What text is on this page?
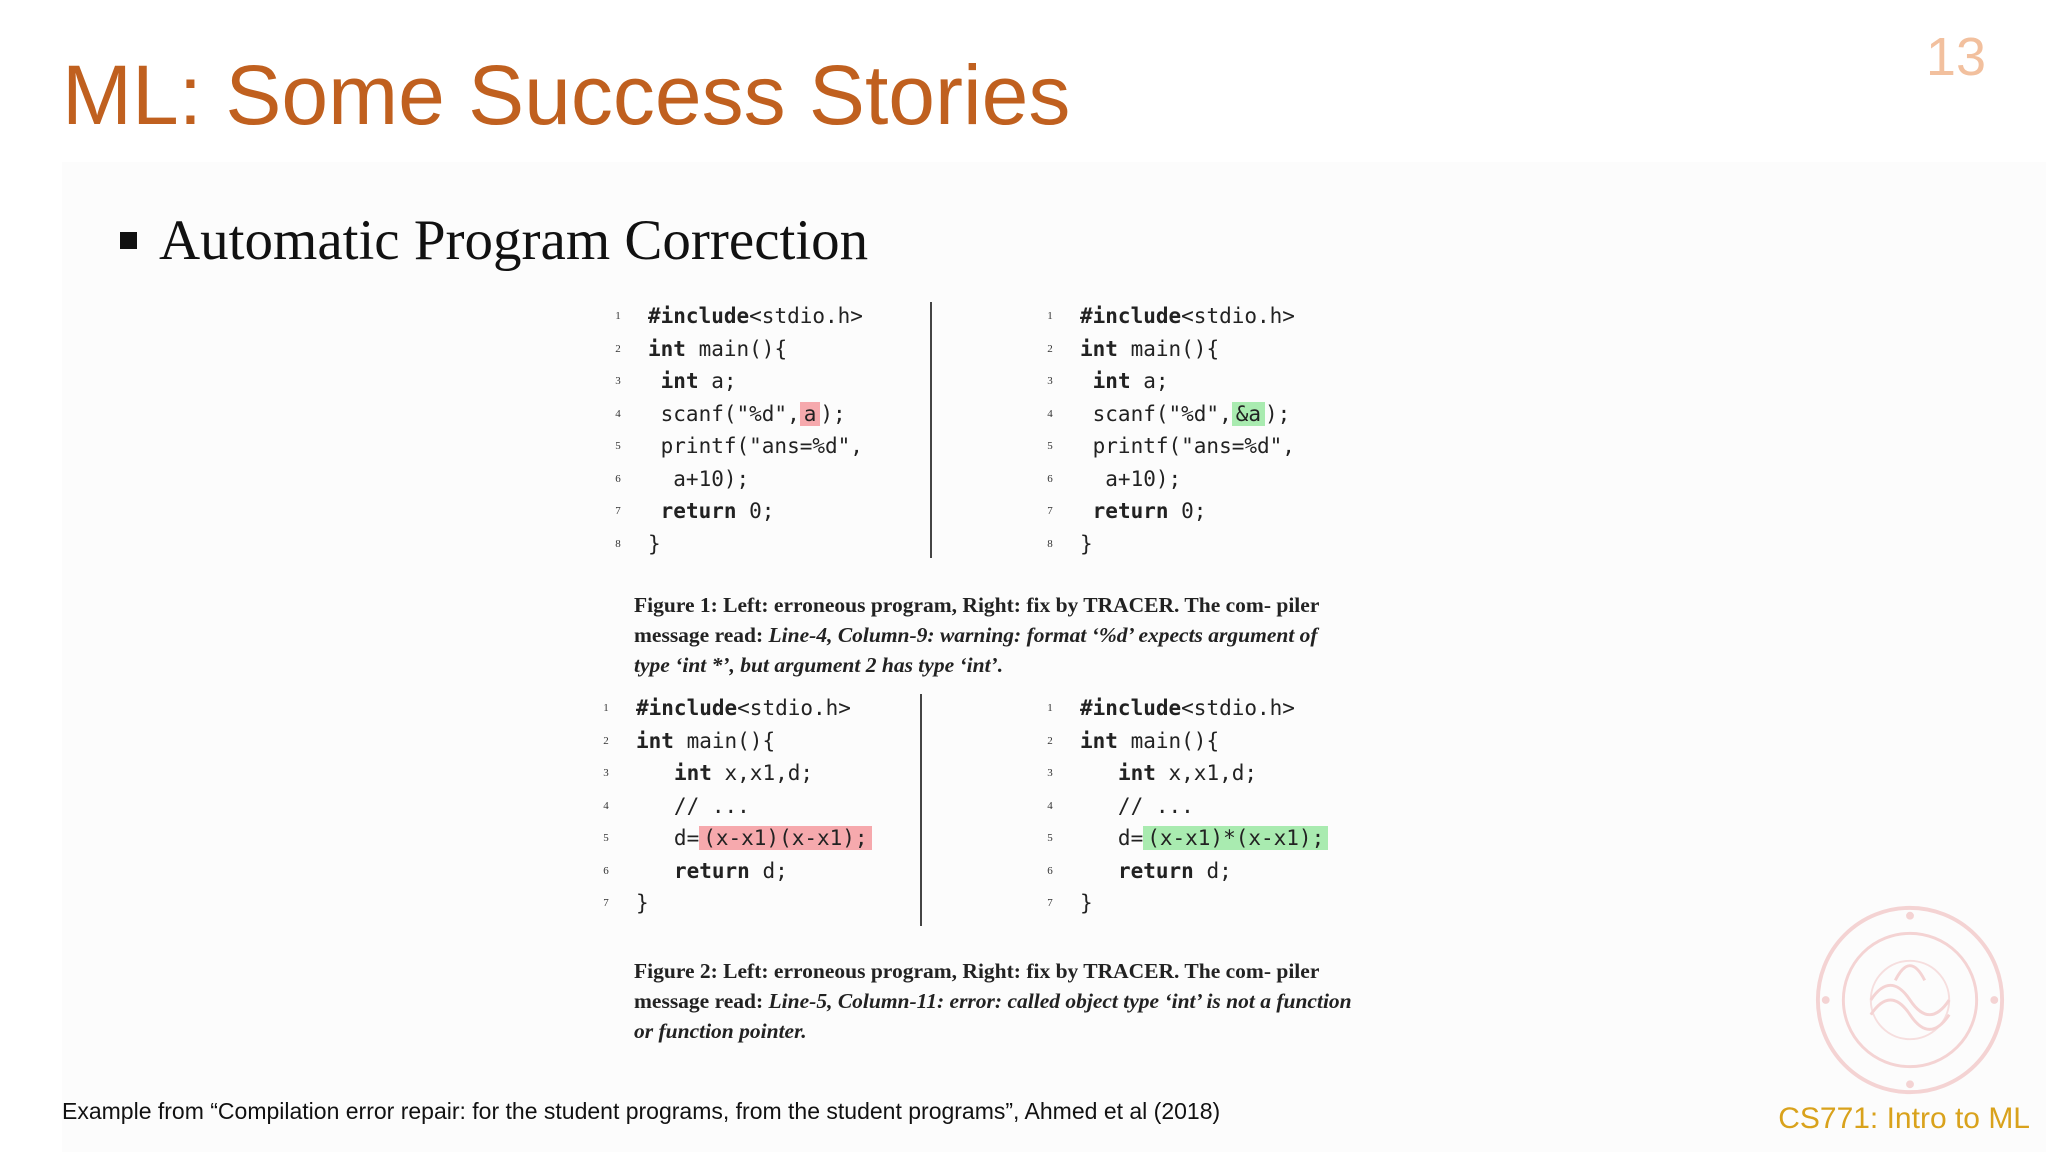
ML: Some Success Stories	13
Automatic Program Correction
1	#include<stdio.h>
2	int main(){
3	int a;
4	scanf("%d", a );
5	printf("ans=%d",
6	a+10);
7	return 0;
8	}
1	#include<stdio.h>
2	int main(){
3	int a;
4	scanf("%d", &a );
5	printf("ans=%d",
6	a+10);
7	return 0;
8	}
Figure 1: Left: erroneous program, Right: fix by TRACER. The com- piler message read: Line-4, Column-9: warning: format ‘%d’ expects argument of type ‘int *’, but argument 2 has type ‘int’.
1	#include<stdio.h>
2	int main(){
3	int x,x1,d;
4	// ...
5	d= (x-x1)(x-x1);
6	return d;
7	}
1	#include<stdio.h>
2	int main(){
3	int x,x1,d;
4	// ...
5	d= (x-x1)*(x-x1);
6	return d;
7	}
Figure 2: Left: erroneous program, Right: fix by TRACER. The com- piler message read: Line-5, Column-11: error: called object type ‘int’ is not a function or function pointer.
Example from “Compilation error repair: for the student programs, from the student programs”, Ahmed et al (2018)	CS771: Intro to ML
